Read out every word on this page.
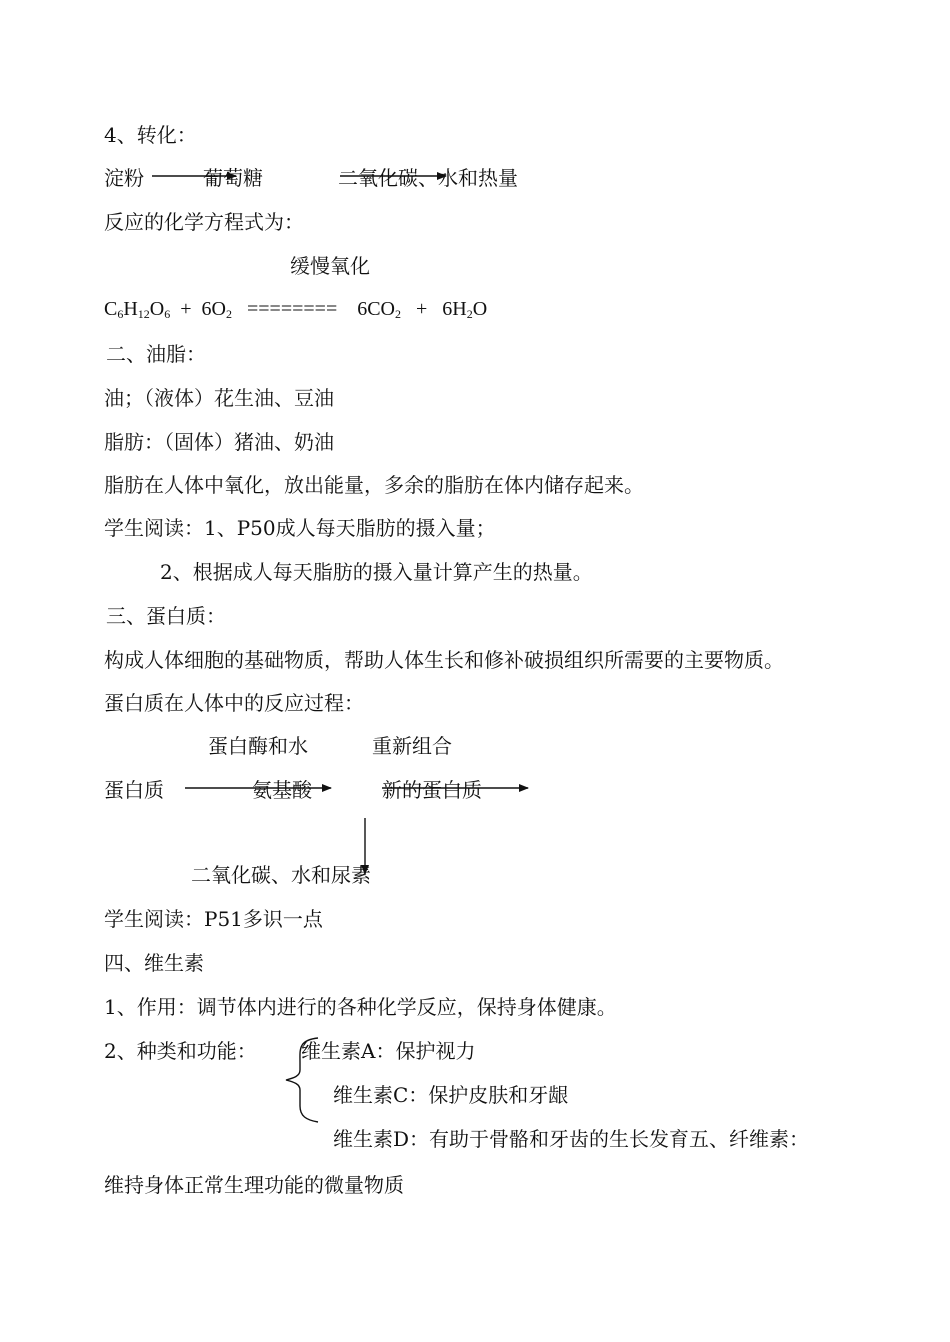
4、转化：
淀粉	葡萄糖	二氧化碳、水和热量
反应的化学方程式为：
缓慢氧化
$C_6H_{12}O_6 + 6O_2$ ======== $6CO_2 + 6H_2O$
二、油脂：
油；（液体）花生油、豆油
脂肪：（固体）猪油、奶油
脂肪在人体中氧化，放出能量，多余的脂肪在体内储存起来。
学生阅读：1、P50成人每天脂肪的摄入量；
2、根据成人每天脂肪的摄入量计算产生的热量。
三、蛋白质：
构成人体细胞的基础物质，帮助人体生长和修补破损组织所需要的主要物质。
蛋白质在人体中的反应过程：
蛋白酶和水	重新组合
蛋白质	氨基酸	新的蛋白质
二氧化碳、水和尿素
学生阅读：P51多识一点
四、维生素
1、作用：调节体内进行的各种化学反应，保持身体健康。
2、种类和功能： 维生素A：保护视力
维生素C：保护皮肤和牙龈
维生素D：有助于骨骼和牙齿的生长发育五、纤维素：
维持身体正常生理功能的微量物质
